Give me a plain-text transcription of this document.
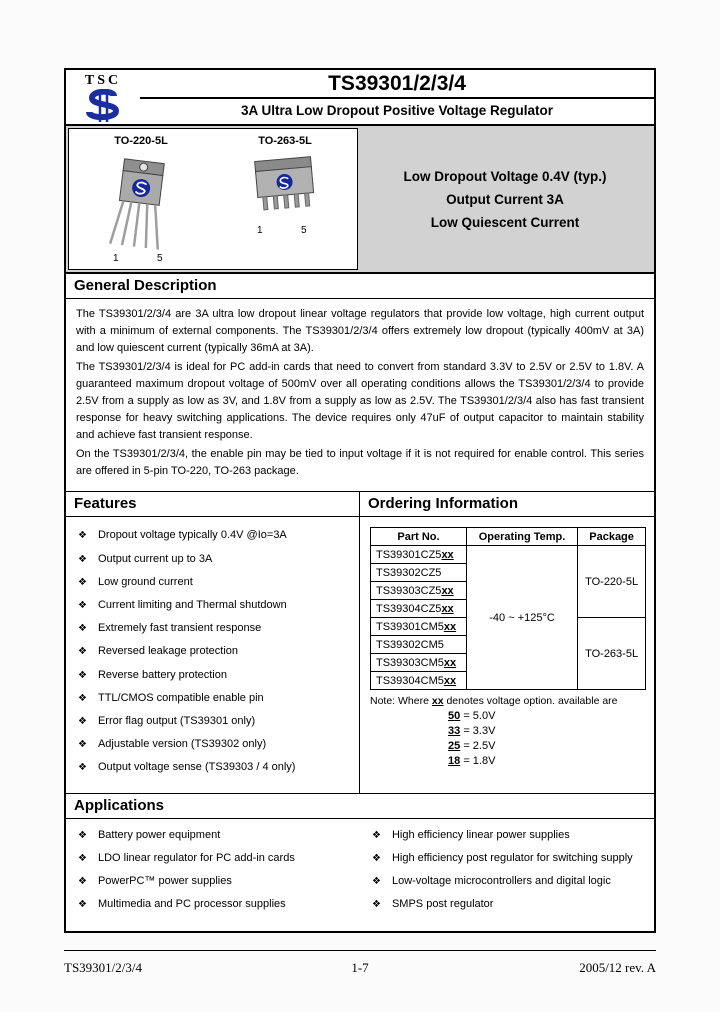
TSC	TS39301/2/3/4
3A Ultra Low Dropout Positive Voltage Regulator
TO-220-5L
1	5
TO-263-5L
1	5
Low Dropout Voltage 0.4V (typ.)
Output Current 3A
Low Quiescent Current
General Description

The TS39301/2/3/4 are 3A ultra low dropout linear voltage regulators that provide low voltage, high current output with a minimum of external components. The TS39301/2/3/4 offers extremely low dropout (typically 400mV at 3A) and low quiescent current (typically 36mA at 3A).

The TS39301/2/3/4 is ideal for PC add-in cards that need to convert from standard 3.3V to 2.5V or 2.5V to 1.8V. A guaranteed maximum dropout voltage of 500mV over all operating conditions allows the TS39301/2/3/4 to provide 2.5V from a supply as low as 3V, and 1.8V from a supply as low as 2.5V. The TS39301/2/3/4 also has fast transient response for heavy switching applications. The device requires only 47uF of output capacitor to maintain stability and achieve fast transient response.

On the TS39301/2/3/4, the enable pin may be tied to input voltage if it is not required for enable control. This series are offered in 5-pin TO-220, TO-263 package.

Features	Ordering Information
❖ Dropout voltage typically 0.4V @Io=3A
❖ Output current up to 3A
❖ Low ground current
❖ Current limiting and Thermal shutdown
❖ Extremely fast transient response
❖ Reversed leakage protection
❖ Reverse battery protection
❖ TTL/CMOS compatible enable pin
❖ Error flag output (TS39301 only)
❖ Adjustable version (TS39302 only)
❖ Output voltage sense (TS39303 / 4 only)
Part No.	Operating Temp.	Package
TS39301CZ5xx	-40 ~ +125°C	TO-220-5L
TS39302CZ5		
TS39303CZ5xx		
TS39304CZ5xx		
TS39301CM5xx		TO-263-5L
TS39302CM5		
TS39303CM5xx		
TS39304CM5xx		
Note: Where xx denotes voltage option. available are
50 = 5.0V
33 = 3.3V
25 = 2.5V
18 = 1.8V
Applications
❖ Battery power equipment
❖ LDO linear regulator for PC add-in cards
❖ PowerPC™ power supplies
❖ Multimedia and PC processor supplies
❖ High efficiency linear power supplies
❖ High efficiency post regulator for switching supply
❖ Low-voltage microcontrollers and digital logic
❖ SMPS post regulator
TS39301/2/3/4	1-7	2005/12 rev. A
